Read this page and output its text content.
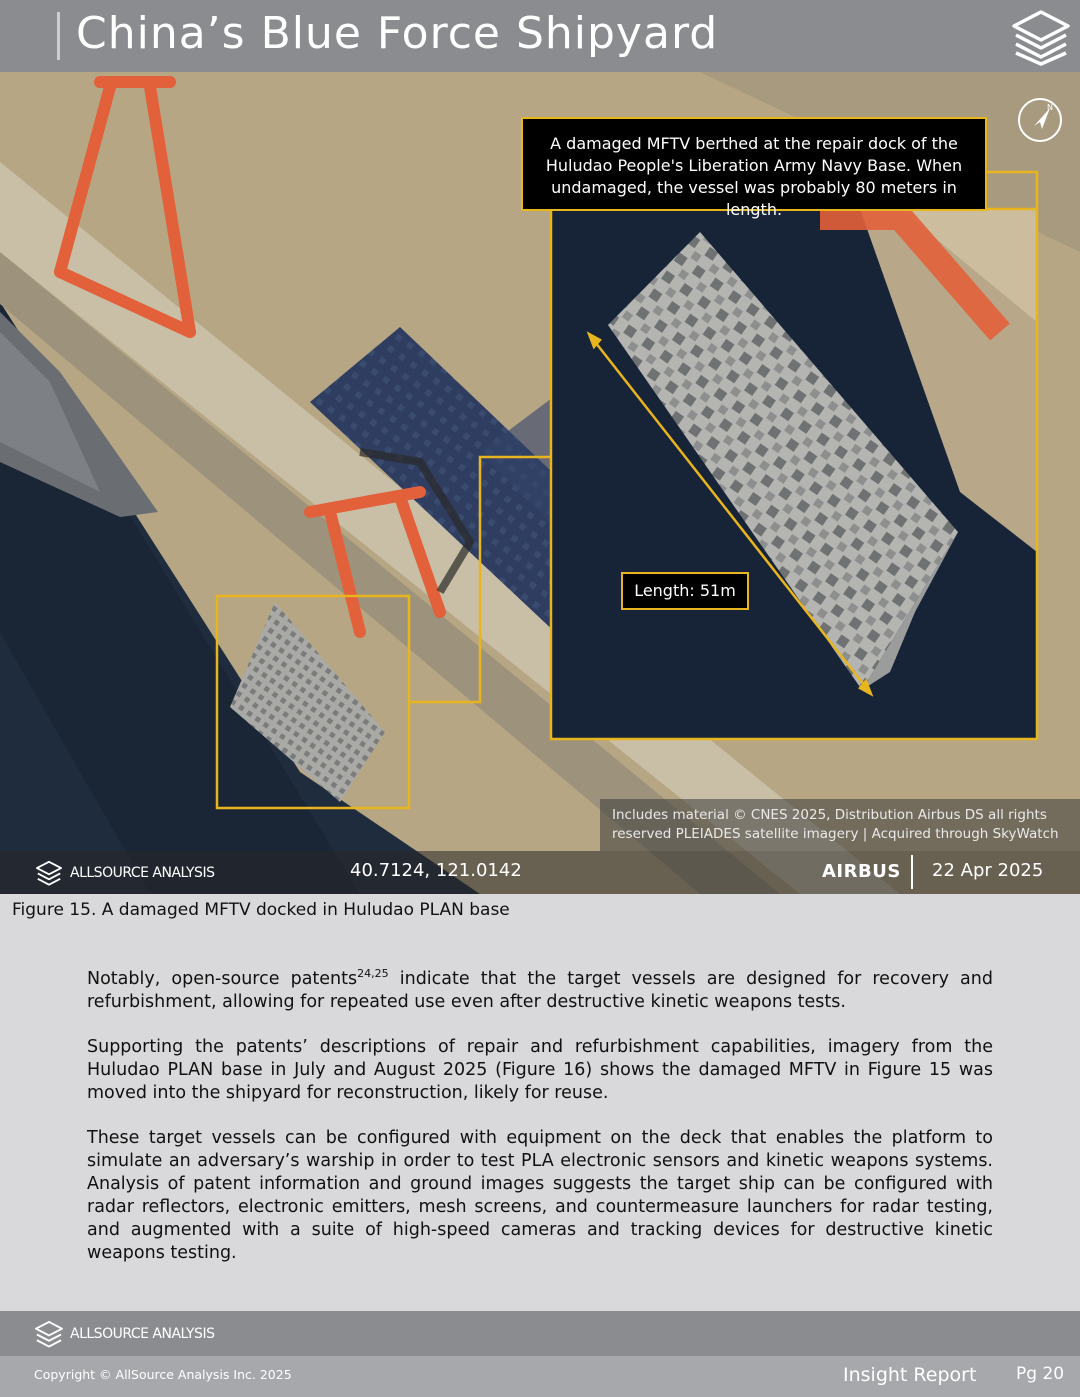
China’s Blue Force Shipyard
A damaged MFTV berthed at the repair dock of the Huludao People's Liberation Army Navy Base. When undamaged, the vessel was probably 80 meters in length.
Length: 51m
N
Includes material © CNES 2025, Distribution Airbus DS all rights
reserved PLEIADES satellite imagery | Acquired through SkyWatch
ALLSOURCE ANALYSIS	40.7124, 121.0142	AIRBUS 22 Apr 2025
Figure 15. A damaged MFTV docked in Huludao PLAN base

Notably, open-source patents$^{24,25}$ indicate that the target vessels are designed for recovery and refurbishment, allowing for repeated use even after destructive kinetic weapons tests.

Supporting the patents’ descriptions of repair and refurbishment capabilities, imagery from the Huludao PLAN base in July and August 2025 (Figure 16) shows the damaged MFTV in Figure 15 was moved into the shipyard for reconstruction, likely for reuse.

These target vessels can be configured with equipment on the deck that enables the platform to simulate an adversary’s warship in order to test PLA electronic sensors and kinetic weapons systems. Analysis of patent information and ground images suggests the target ship can be configured with radar reflectors, electronic emitters, mesh screens, and countermeasure launchers for radar testing, and augmented with a suite of high-speed cameras and tracking devices for destructive kinetic weapons testing.

ALLSOURCE ANALYSIS
Copyright © AllSource Analysis Inc. 2025	Insight Report Pg 20
